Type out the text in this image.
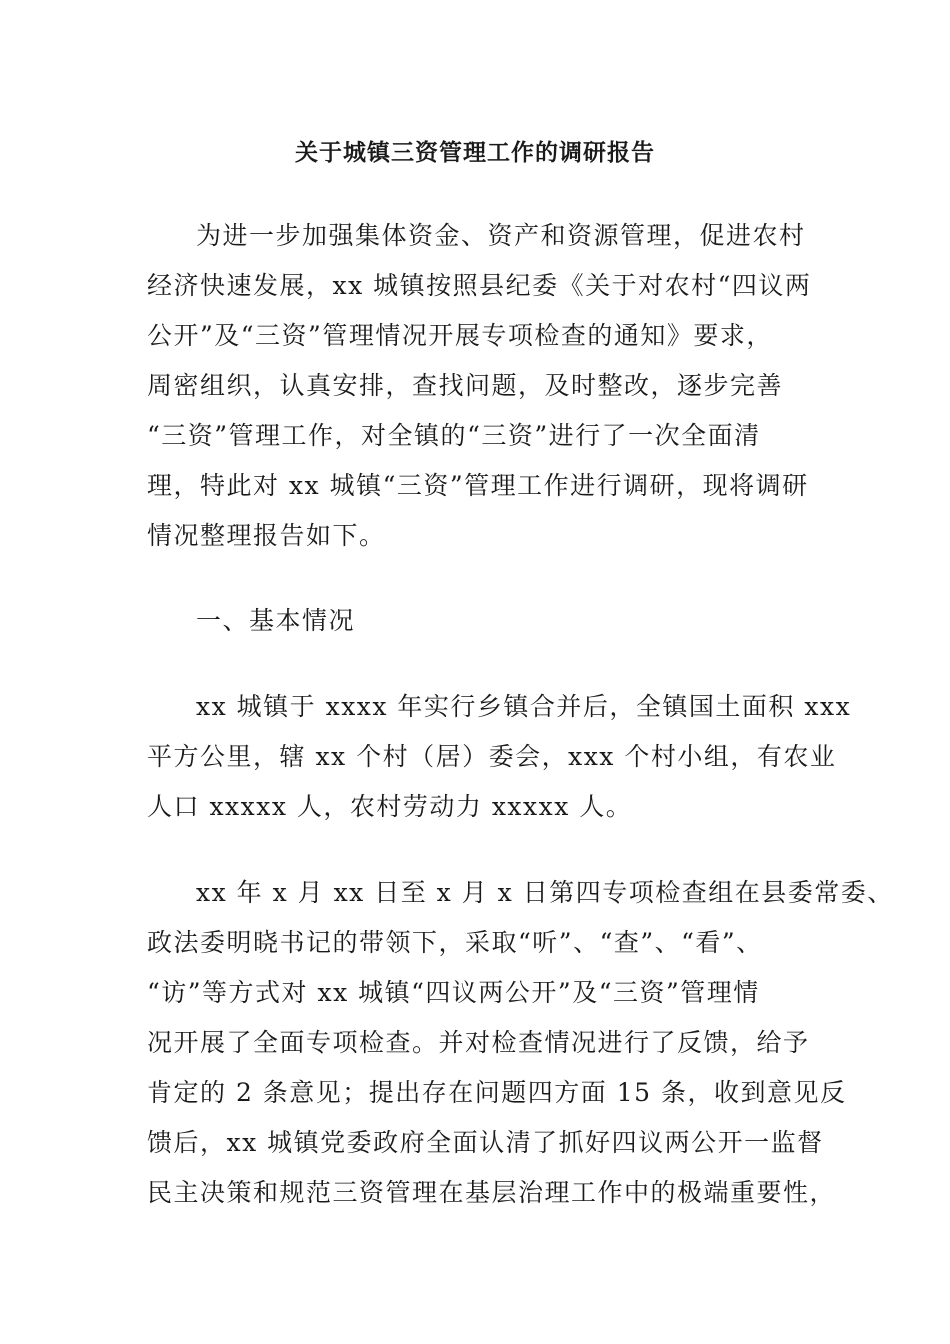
关于城镇三资管理工作的调研报告
为进一步加强集体资金、资产和资源管理，促进农村
经济快速发展，xx 城镇按照县纪委《关于对农村“四议两
公开”及“三资”管理情况开展专项检查的通知》要求，
周密组织，认真安排，查找问题，及时整改，逐步完善
“三资”管理工作，对全镇的“三资”进行了一次全面清
理，特此对 xx 城镇“三资”管理工作进行调研，现将调研
情况整理报告如下。
一、基本情况
xx 城镇于 xxxx 年实行乡镇合并后，全镇国土面积 xxx
平方公里，辖 xx 个村（居）委会，xxx 个村小组，有农业
人口 xxxxx 人，农村劳动力 xxxxx 人。
xx 年 x 月 xx 日至 x 月 x 日第四专项检查组在县委常委、
政法委明晓书记的带领下，采取“听”、“查”、“看”、
“访”等方式对 xx 城镇“四议两公开”及“三资”管理情
况开展了全面专项检查。并对检查情况进行了反馈，给予
肯定的 2 条意见；提出存在问题四方面 15 条，收到意见反
馈后，xx 城镇党委政府全面认清了抓好四议两公开一监督
民主决策和规范三资管理在基层治理工作中的极端重要性，
